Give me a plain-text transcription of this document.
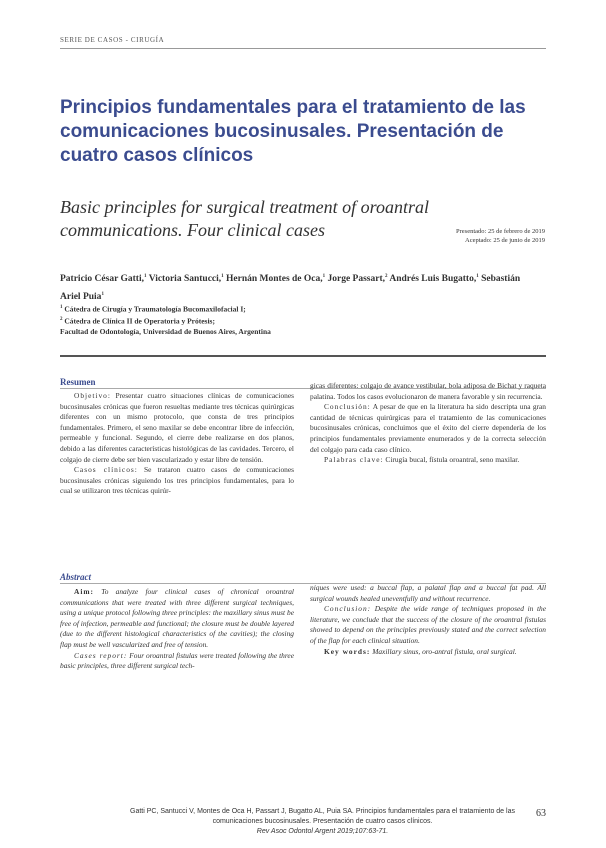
SERIE DE CASOS - CIRUGÍA
Principios fundamentales para el tratamiento de las comunicaciones bucosinusales. Presentación de cuatro casos clínicos
Basic principles for surgical treatment of oroantral communications. Four clinical cases	Presentado: 25 de febrero de 2019
Aceptado: 25 de junio de 2019
Patricio César Gatti,$^1$ Victoria Santucci,$^1$ Hernán Montes de Oca,$^1$ Jorge Passart,$^2$ Andrés Luis Bugatto,$^1$ Sebastián Ariel Puia$^1$
$^1$ Cátedra de Cirugía y Traumatología Bucomaxilofacial I;
$^2$ Cátedra de Clínica II de Operatoria y Prótesis;
Facultad de Odontología, Universidad de Buenos Aires, Argentina
Resumen

Objetivo: Presentar cuatro situaciones clínicas de comunicaciones bucosinusales crónicas que fueron resueltas mediante tres técnicas quirúrgicas diferentes con un mismo protocolo, que consta de tres principios fundamentales. Primero, el seno maxilar se debe encontrar libre de infección, permeable y funcional. Segundo, el cierre debe realizarse en dos planos, debido a las diferentes características histológicas de las cavidades. Tercero, el colgajo de cierre debe ser bien vascularizado y estar libre de tensión.

Casos clínicos: Se trataron cuatro casos de comunicaciones bucosinusales crónicas siguiendo los tres principios fundamentales, para lo cual se utilizaron tres técnicas quirúr-

gicas diferentes: colgajo de avance vestibular, bola adiposa de Bichat y raqueta palatina. Todos los casos evolucionaron de manera favorable y sin recurrencia.

Conclusión: A pesar de que en la literatura ha sido descripta una gran cantidad de técnicas quirúrgicas para el tratamiento de las comunicaciones bucosinusales crónicas, concluimos que el éxito del cierre dependería de los principios fundamentales previamente enumerados y de la correcta selección del colgajo para cada caso clínico.

Palabras clave: Cirugía bucal, fístula oroantral, seno maxilar.

Abstract

Aim: To analyze four clinical cases of chronical oroantral communications that were treated with three different surgical techniques, using a unique protocol following three principles: the maxillary sinus must be free of infection, permeable and functional; the closure must be double layered (due to the different histological characteristics of the cavities); the closing flap must be well vascularized and free of tension.

Cases report: Four oroantral fistulas were treated following the three basic principles, three different surgical tech-

niques were used: a buccal flap, a palatal flap and a buccal fat pad. All surgical wounds healed uneventfully and without recurrence.

Conclusion: Despite the wide range of techniques proposed in the literature, we conclude that the success of the closure of the oroantral fistulas showed to depend on the principles previously stated and the correct selection of the flap for each clinical situation.

Key words: Maxillary sinus, oro-antral fistula, oral surgical.

Gatti PC, Santucci V, Montes de Oca H, Passart J, Bugatto AL, Puia SA. Principios fundamentales para el tratamiento de las comunicaciones bucosinusales. Presentación de cuatro casos clínicos.
Rev Asoc Odontol Argent 2019;107:63-71.
63
